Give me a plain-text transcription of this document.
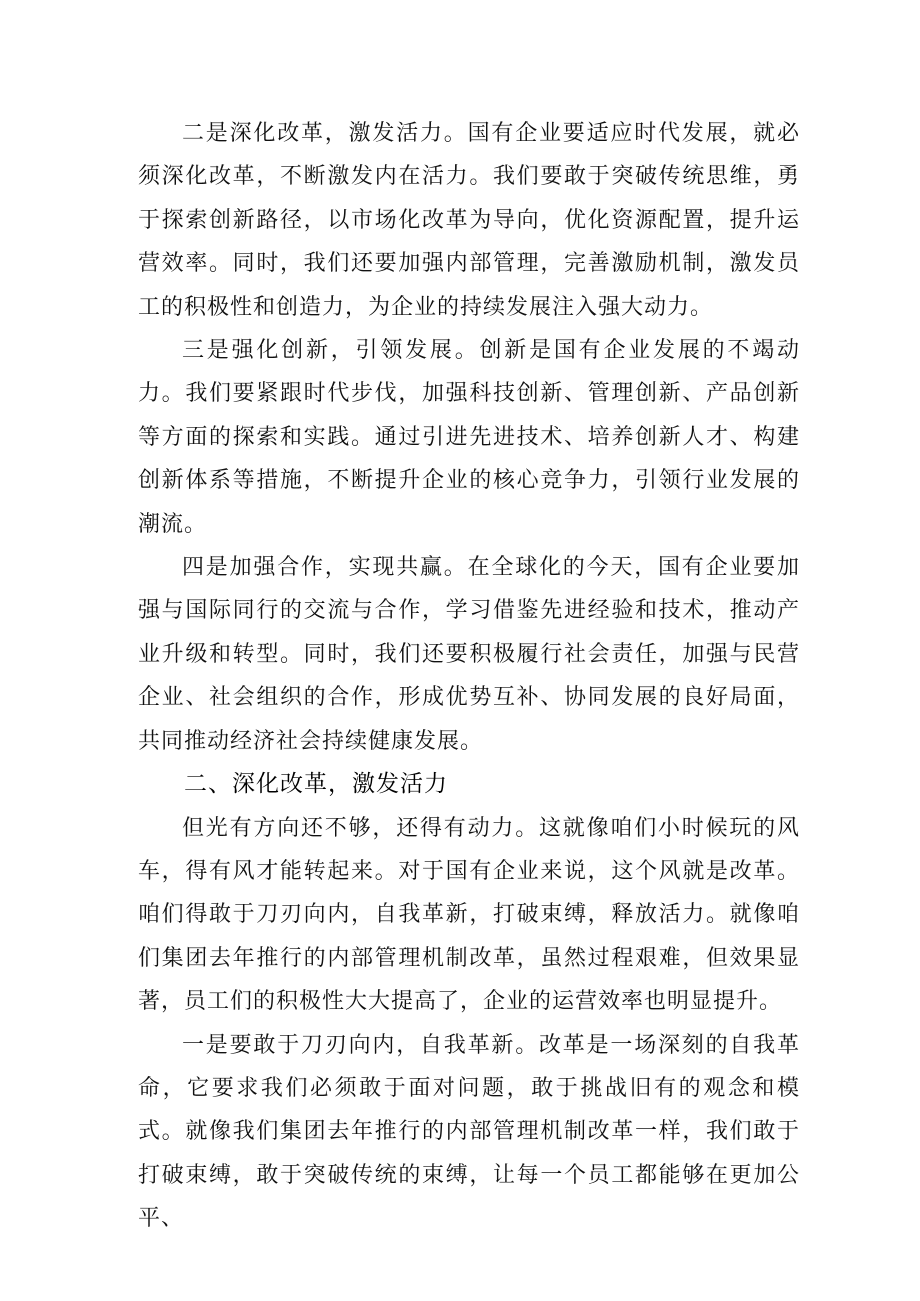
二是深化改革，激发活力。国有企业要适应时代发展，就必须深化改革，不断激发内在活力。我们要敢于突破传统思维，勇于探索创新路径，以市场化改革为导向，优化资源配置，提升运营效率。同时，我们还要加强内部管理，完善激励机制，激发员工的积极性和创造力，为企业的持续发展注入强大动力。

三是强化创新，引领发展。创新是国有企业发展的不竭动力。我们要紧跟时代步伐，加强科技创新、管理创新、产品创新等方面的探索和实践。通过引进先进技术、培养创新人才、构建创新体系等措施，不断提升企业的核心竞争力，引领行业发展的潮流。

四是加强合作，实现共赢。在全球化的今天，国有企业要加强与国际同行的交流与合作，学习借鉴先进经验和技术，推动产业升级和转型。同时，我们还要积极履行社会责任，加强与民营企业、社会组织的合作，形成优势互补、协同发展的良好局面，共同推动经济社会持续健康发展。

二、深化改革，激发活力

但光有方向还不够，还得有动力。这就像咱们小时候玩的风车，得有风才能转起来。对于国有企业来说，这个风就是改革。咱们得敢于刀刃向内，自我革新，打破束缚，释放活力。就像咱们集团去年推行的内部管理机制改革，虽然过程艰难，但效果显著，员工们的积极性大大提高了，企业的运营效率也明显提升。

一是要敢于刀刃向内，自我革新。改革是一场深刻的自我革命，它要求我们必须敢于面对问题，敢于挑战旧有的观念和模式。就像我们集团去年推行的内部管理机制改革一样，我们敢于打破束缚，敢于突破传统的束缚，让每一个员工都能够在更加公平、
